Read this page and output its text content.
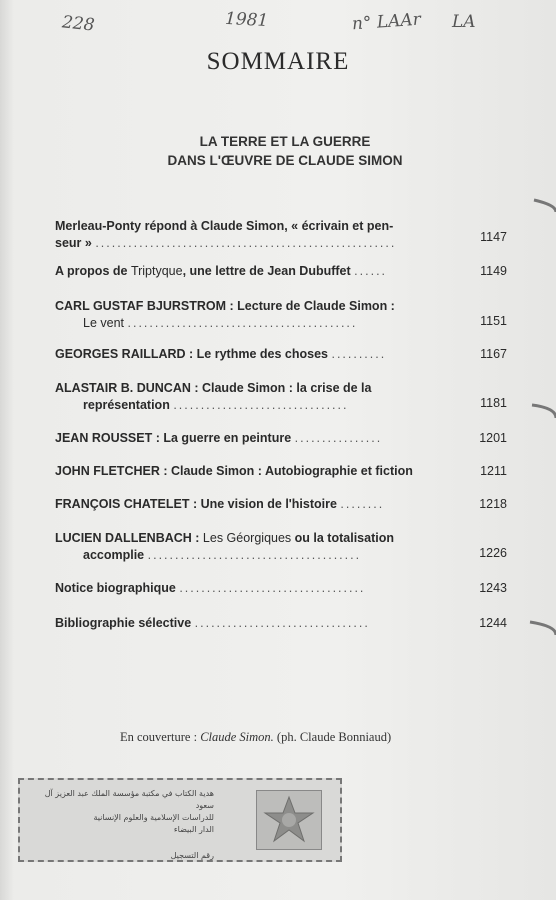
228	1981	n° LAAr LA
SOMMAIRE
LA TERRE ET LA GUERRE
DANS L'ŒUVRE DE CLAUDE SIMON
Merleau-Ponty répond à Claude Simon, « écrivain et pen-
seur » .......................................................	1147
A propos de Triptyque, une lettre de Jean Dubuffet ......	1149
CARL GUSTAF BJURSTROM : Lecture de Claude Simon :
Le vent ..........................................	1151
GEORGES RAILLARD : Le rythme des choses ..........	1167
ALASTAIR B. DUNCAN : Claude Simon : la crise de la
représentation ................................	1181
JEAN ROUSSET : La guerre en peinture ................	1201
JOHN FLETCHER : Claude Simon : Autobiographie et fiction	1211
FRANÇOIS CHATELET : Une vision de l'histoire ........	1218
LUCIEN DALLENBACH : Les Géorgiques ou la totalisation
accomplie .......................................	1226
Notice biographique ..................................	1243
Bibliographie sélective ................................	1244
En couverture : Claude Simon. (ph. Claude Bonniaud)
هدية الكتاب في مكتبة مؤسسة الملك عبد العزيز آل سعود
للدراسات الإسلامية والعلوم الإنسانية
الدار البيضاء
رقم التسجيل
